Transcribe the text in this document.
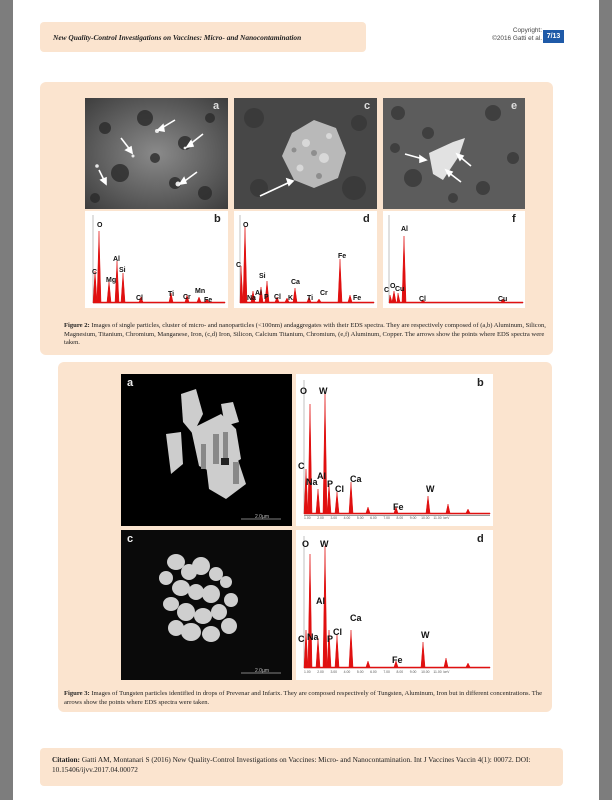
New Quality-Control Investigations on Vaccines: Micro- and Nanocontamination
Copyright:
©2016 Gatti et al. 7/13
a	c	e
b
O
C
Mg
Al
Si
Cl
Ti Cr
Mn
Fe
d
O
C
Si
Fe
Na
Al
P Cl K
Ca
Ti
Cr
Fe
f
Al
C
O Cu
Cl	Cu
Figure 2: Images of single particles, cluster of micro- and nanoparticles (<100nm) andaggregates with their EDS spectra. They are respectively composed of (a,b) Aluminum, Silicon, Magnesium, Titanium, Chromium, Manganese, Iron, (c,d) Iron, Silicon, Calcium Titanium, Chromium, (e,f) Aluminum, Copper. The arrows show the points where EDS spectra were taken.
a
2.0µm
b
O W
C
Na
Al
P Cl
Ca
Fe
W
c
2.0µm
d
O W
Al
Cl
Ca
C Na P
Fe
W
1.00 2.00 3.00 4.00 5.00 6.00 7.00 8.00 9.00 10.00 11.00 keV
1.00 2.00 3.00 4.00 5.00 6.00 7.00 8.00 9.00 10.00 11.00 keV
Figure 3: Images of Tungsten particles identified in drops of Prevenar and Infarix. They are composed respectively of Tungsten, Aluminum, Iron but in different concentrations. The arrows show the points where EDS spectra were taken.
Citation: Gatti AM, Montanari S (2016) New Quality-Control Investigations on Vaccines: Micro- and Nanocontamination. Int J Vaccines Vaccin 4(1): 00072. DOI: 10.15406/ijvv.2017.04.00072
